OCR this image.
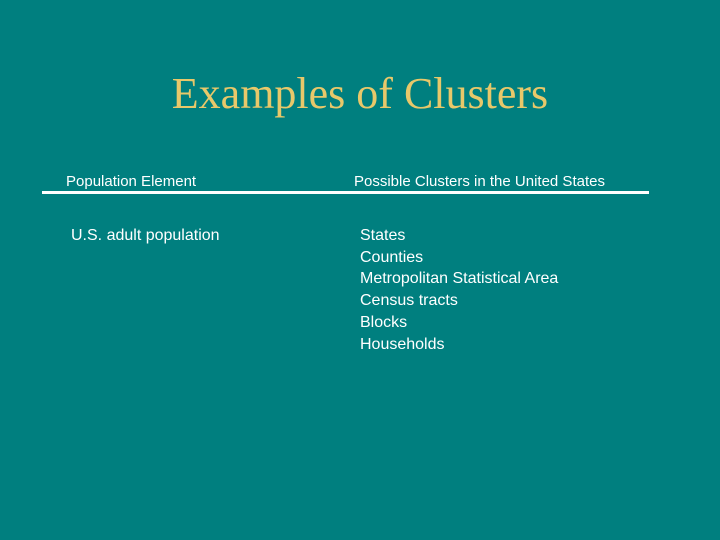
Examples of Clusters
Population Element	Possible Clusters in the United States
U.S. adult population	States
Counties
Metropolitan Statistical Area
Census tracts
Blocks
Households
